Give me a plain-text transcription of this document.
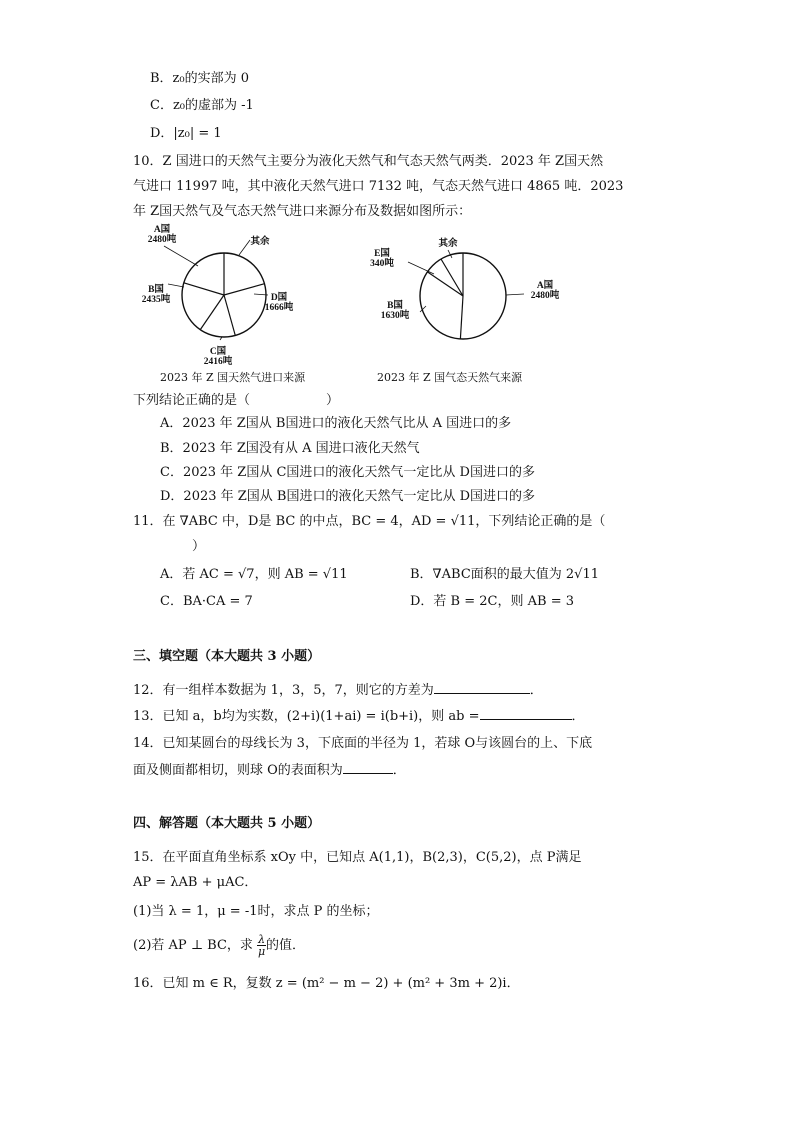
B．z₀的实部为 0
C．z₀的虚部为 -1
D．|z₀| = 1
10．Z 国进口的天然气主要分为液化天然气和气态天然气两类．2023 年 Z国天然
气进口 11997 吨，其中液化天然气进口 7132 吨，气态天然气进口 4865 吨．2023
年 Z国天然气及气态天然气进口来源分布及数据如图所示：
A国
2480吨	其余
D国
1666吨
C国
2416吨
B国
2435吨
A国
2480吨
B国
1630吨
E国
340吨
其余
2023 年 Z 国天然气进口来源	2023 年 Z 国气态天然气来源
下列结论正确的是（	）
A．2023 年 Z国从 B国进口的液化天然气比从 A 国进口的多
B．2023 年 Z国没有从 A 国进口液化天然气
C．2023 年 Z国从 C国进口的液化天然气一定比从 D国进口的多
D．2023 年 Z国从 B国进口的液化天然气一定比从 D国进口的多
11．在 ∇ABC 中，D是 BC 的中点，BC = 4，AD = √11，下列结论正确的是（
）
A．若 AC = √7，则 AB = √11	B．∇ABC面积的最大值为 2√11
C．BA·CA = 7	D．若 B = 2C，则 AB = 3
三、填空题（本大题共 3 小题）
12．有一组样本数据为 1，3，5，7，则它的方差为	．
13．已知 a，b均为实数，(2+i)(1+ai) = i(b+i)，则 ab =	．
14．已知某圆台的母线长为 3，下底面的半径为 1，若球 O与该圆台的上、下底
面及侧面都相切，则球 O的表面积为	．
四、解答题（本大题共 5 小题）
15．在平面直角坐标系 xOy 中，已知点 A(1,1)，B(2,3)，C(5,2)，点 P满足
AP = λAB + μAC．
(1)当 λ = 1，μ = -1时，求点 P 的坐标；
(2)若 AP ⊥ BC，求 $\frac{\lambda}{\mu}$ 的值．
16．已知 m ∈ R，复数 z = (m² − m − 2) + (m² + 3m + 2)i．
